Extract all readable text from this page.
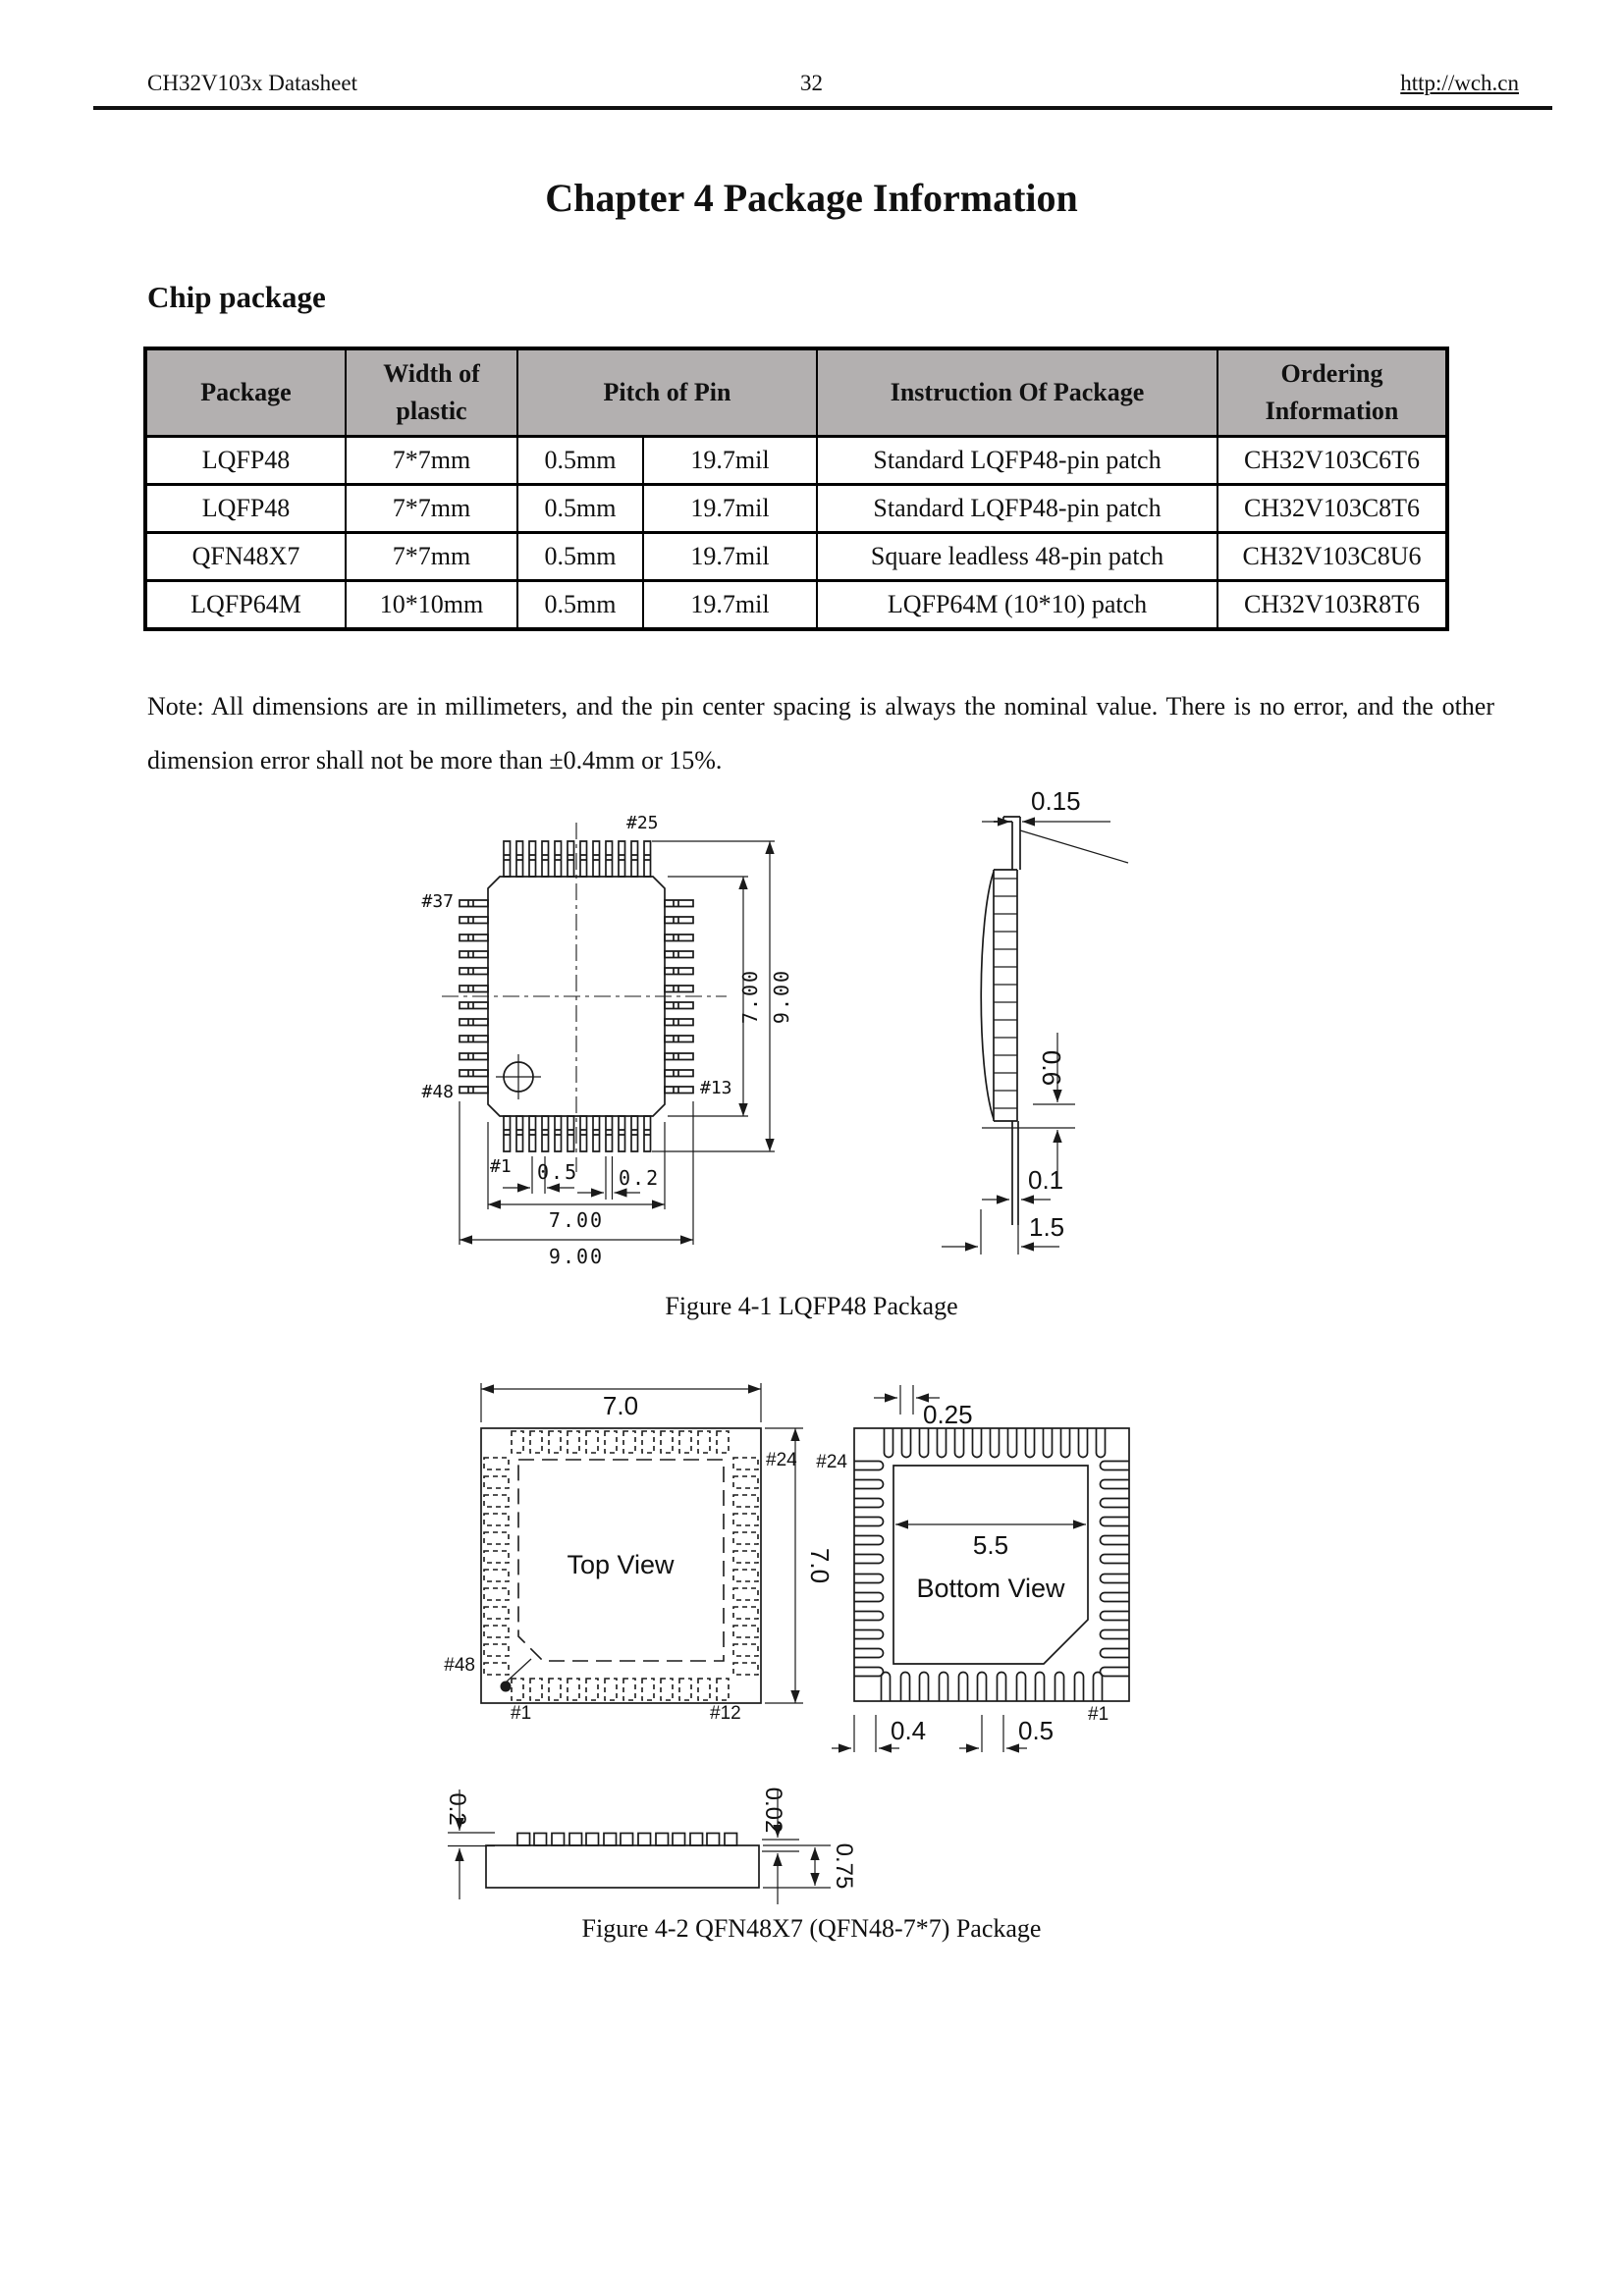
CH32V103x Datasheet	32	http://wch.cn
Chapter 4 Package Information
Chip package
Package	Width of plastic	Pitch of Pin		Instruction Of Package	Ordering Information
LQFP48	7*7mm	0.5mm	19.7mil	Standard LQFP48-pin patch	CH32V103C6T6
LQFP48	7*7mm	0.5mm	19.7mil	Standard LQFP48-pin patch	CH32V103C8T6
QFN48X7	7*7mm	0.5mm	19.7mil	Square leadless 48-pin patch	CH32V103C8U6
LQFP64M	10*10mm	0.5mm	19.7mil	LQFP64M (10*10) patch	CH32V103R8T6
Note: All dimensions are in millimeters, and the pin center spacing is always the nominal value. There is no error, and the other dimension error shall not be more than ±0.4mm or 15%.
#25
#37
#48	#13
#1 0.5 0.2
7.00
9.00
7.00 9.00
0.15
0.6
0.1
1.5
Figure 4-1 LQFP48 Package
7.0
7.0
#24
#48
#1	#12
Top View
5.5
Bottom View
0.25
#24
#1
0.4	0.5
0.2	0.02
0.75
Figure 4-2 QFN48X7 (QFN48-7*7) Package
